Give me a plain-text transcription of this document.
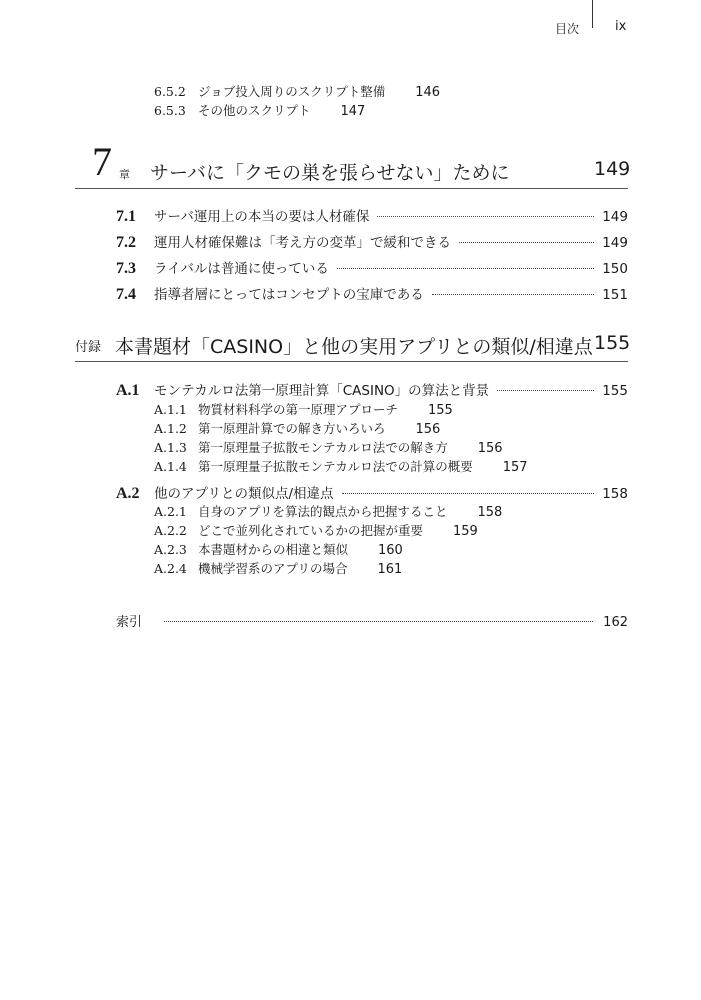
目次	ix
6.5.2 ジョブ投入周りのスクリプト整備 146
6.5.3 その他のスクリプト 147
7 章 サーバに「クモの巣を張らせない」ために	149
7.1	サーバ運用上の本当の要は人材確保	149
7.2	運用人材確保難は「考え方の変革」で緩和できる	149
7.3	ライバルは普通に使っている	150
7.4	指導者層にとってはコンセプトの宝庫である	151
付録 本書題材「CASINO」と他の実用アプリとの類似/相違点 155
A.1	モンテカルロ法第一原理計算「CASINO」の算法と背景	155
A.1.1 物質材料科学の第一原理アプローチ 155
A.1.2 第一原理計算での解き方いろいろ 156
A.1.3 第一原理量子拡散モンテカルロ法での解き方 156
A.1.4 第一原理量子拡散モンテカルロ法での計算の概要 157
A.2	他のアプリとの類似点/相違点	158
A.2.1 自身のアプリを算法的観点から把握すること 158
A.2.2 どこで並列化されているかの把握が重要 159
A.2.3 本書題材からの相違と類似 160
A.2.4 機械学習系のアプリの場合 161
索引	162
